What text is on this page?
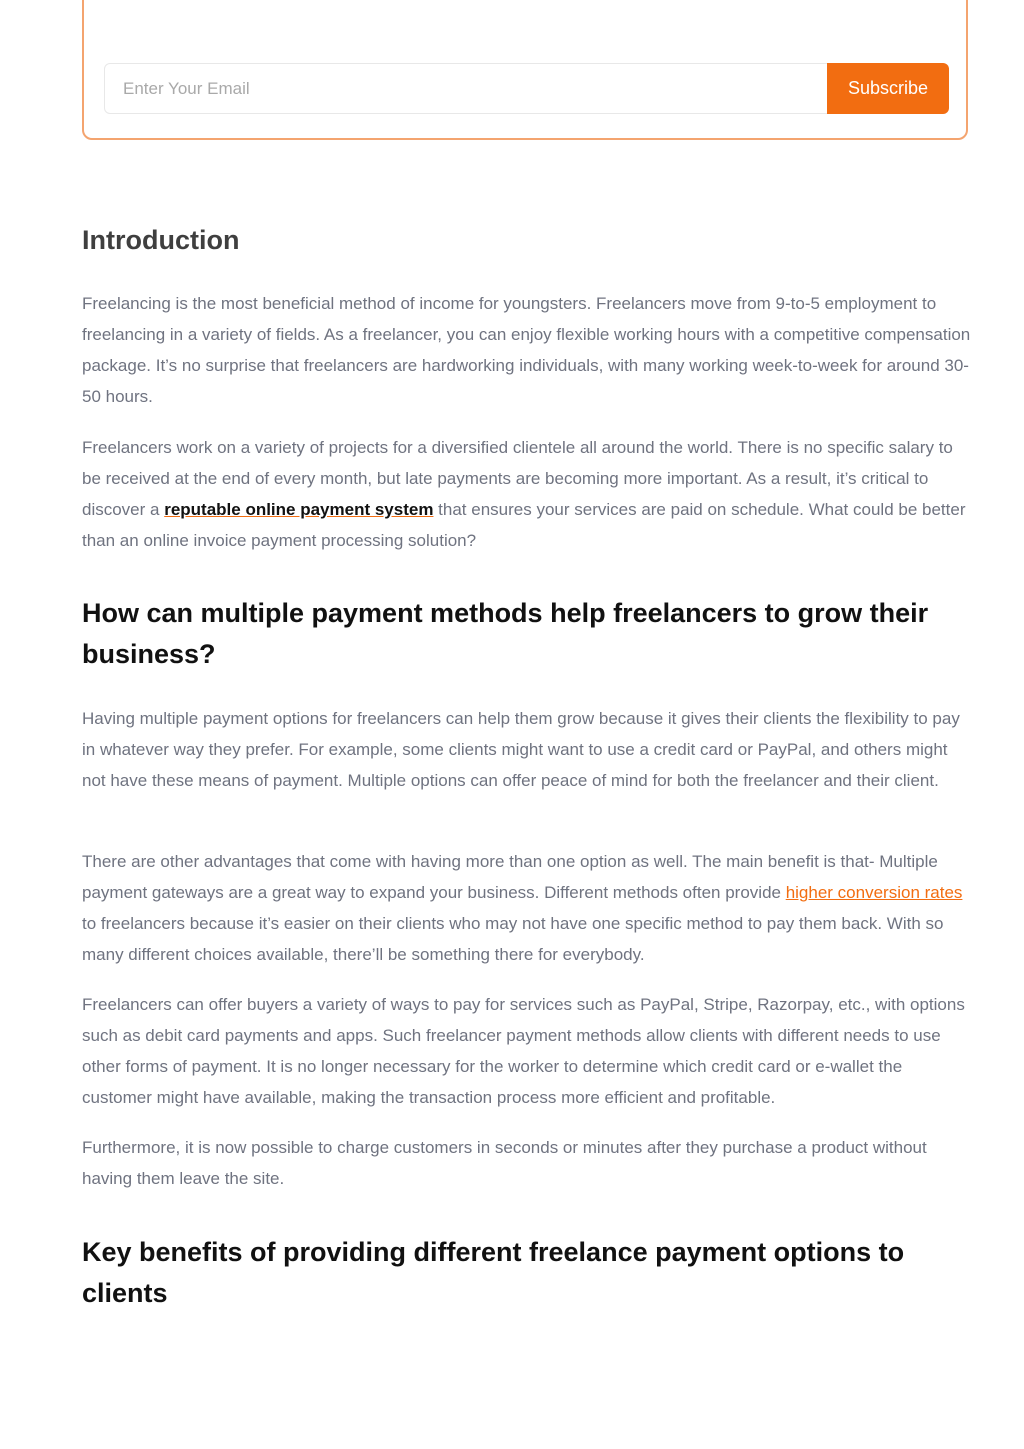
Enter Your Email
Subscribe
Introduction

Freelancing is the most beneficial method of income for youngsters. Freelancers move from 9-to-5 employment to freelancing in a variety of fields. As a freelancer, you can enjoy flexible working hours with a competitive compensation package. It’s no surprise that freelancers are hardworking individuals, with many working week-to-week for around 30-50 hours.

Freelancers work on a variety of projects for a diversified clientele all around the world. There is no specific salary to be received at the end of every month, but late payments are becoming more important. As a result, it’s critical to discover a reputable online payment system that ensures your services are paid on schedule. What could be better than an online invoice payment processing solution?

How can multiple payment methods help freelancers to grow their business?

Having multiple payment options for freelancers can help them grow because it gives their clients the flexibility to pay in whatever way they prefer. For example, some clients might want to use a credit card or PayPal, and others might not have these means of payment. Multiple options can offer peace of mind for both the freelancer and their client.

There are other advantages that come with having more than one option as well. The main benefit is that- Multiple payment gateways are a great way to expand your business. Different methods often provide higher conversion rates to freelancers because it’s easier on their clients who may not have one specific method to pay them back. With so many different choices available, there’ll be something there for everybody.

Freelancers can offer buyers a variety of ways to pay for services such as PayPal, Stripe, Razorpay, etc., with options such as debit card payments and apps. Such freelancer payment methods allow clients with different needs to use other forms of payment. It is no longer necessary for the worker to determine which credit card or e-wallet the customer might have available, making the transaction process more efficient and profitable.

Furthermore, it is now possible to charge customers in seconds or minutes after they purchase a product without having them leave the site.

Key benefits of providing different freelance payment options to clients
